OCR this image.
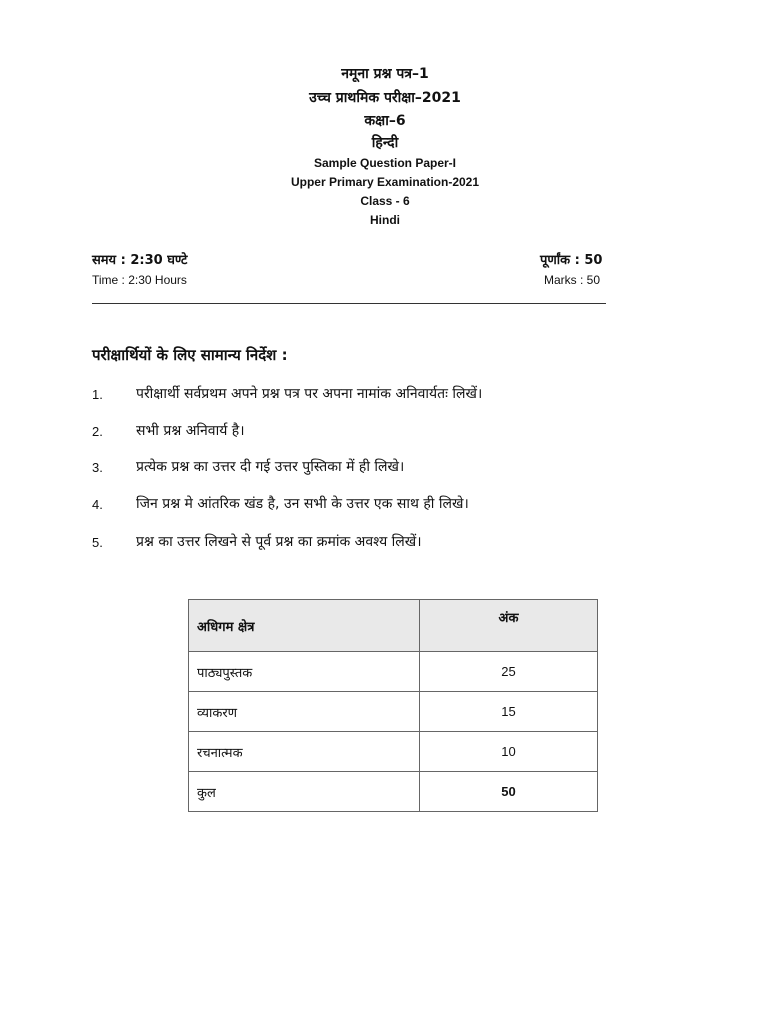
नमूना प्रश्न पत्र–1
उच्च प्राथमिक परीक्षा–2021
कक्षा–6
हिन्दी
Sample Question Paper-I
Upper Primary Examination-2021
Class - 6
Hindi
समय : 2:30 घण्टे	पूर्णांक : 50
Time : 2:30 Hours	Marks : 50
परीक्षार्थियों के लिए सामान्य निर्देश :
1. परीक्षार्थी सर्वप्रथम अपने प्रश्न पत्र पर अपना नामांक अनिवार्यतः लिखें।
2. सभी प्रश्न अनिवार्य है।
3. प्रत्येक प्रश्न का उत्तर दी गई उत्तर पुस्तिका में ही लिखे।
4. जिन प्रश्न मे आंतरिक खंड है, उन सभी के उत्तर एक साथ ही लिखे।
5. प्रश्न का उत्तर लिखने से पूर्व प्रश्न का क्रमांक अवश्य लिखें।
अधिगम क्षेत्र	अंक
पाठ्यपुस्तक	25
व्याकरण	15
रचनात्मक	10
कुल	50
